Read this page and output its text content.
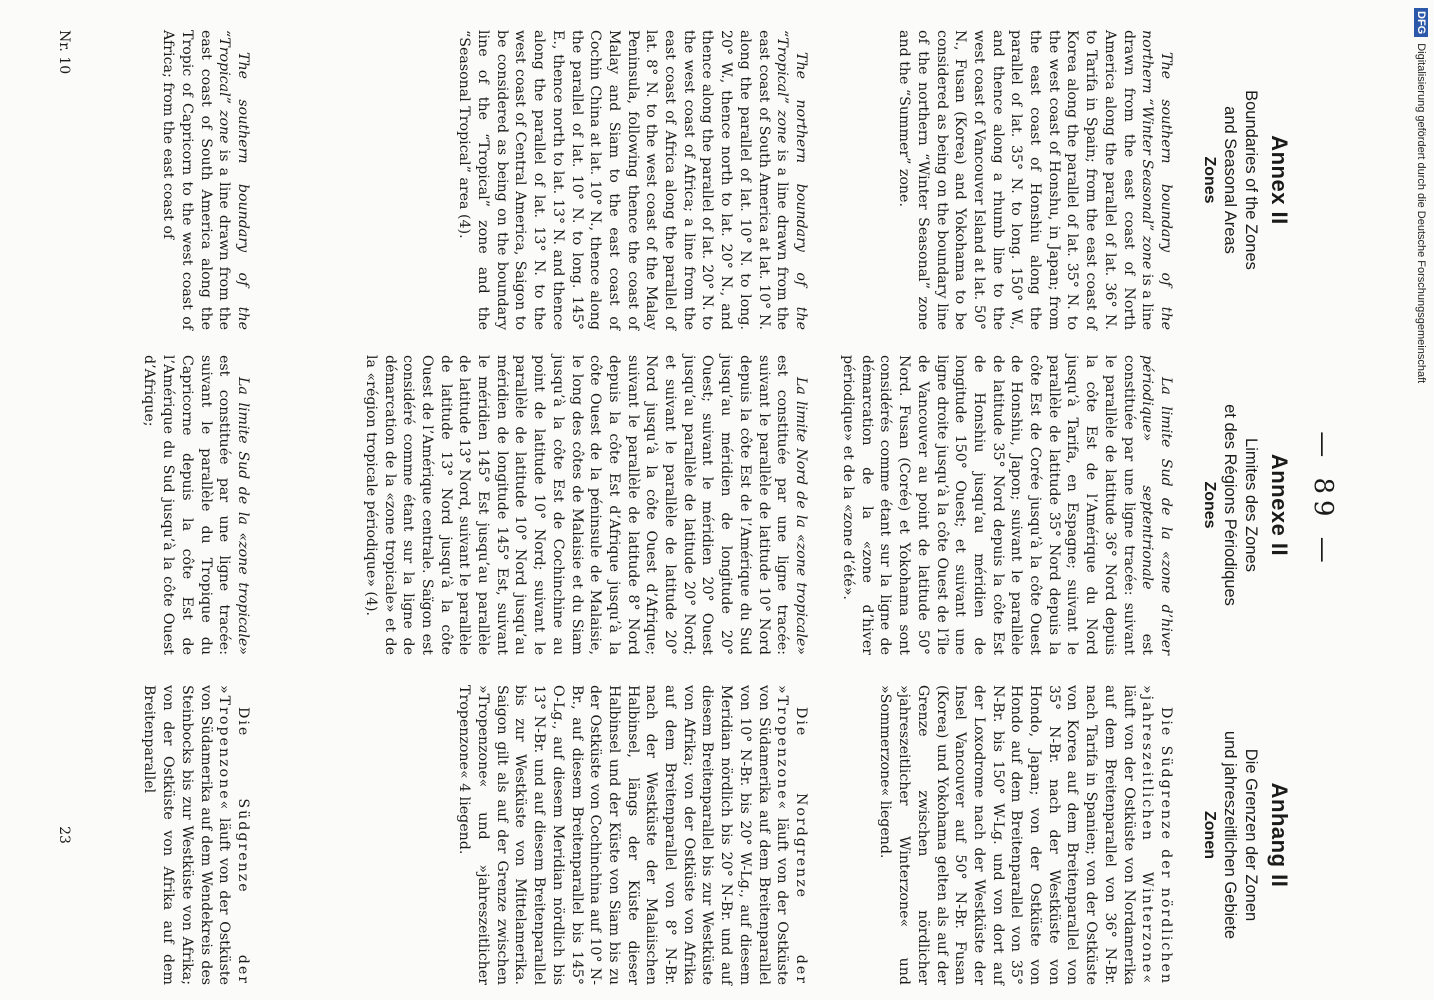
— 89 —
Annex II
Boundaries of the Zones
and Seasonal Areas
Zones

The southern boundary of the northern “Winter Seasonal” zone is a line drawn from the east coast of North America along the parallel of lat. 36° N. to Tarifa in Spain; from the east coast of Korea along the parallel of lat. 35° N. to the west coast of Honshu, in Japan; from the east coast of Honshiu along the parallel of lat. 35° N. to long. 150° W., and thence along a rhumb line to the west coast of Vancouver Island at lat. 50° N., Fusan (Korea) and Yokohama to be considered as being on the boundary line of the northern “Winter Seasonal” zone and the “Summer” zone.

The northern boundary of the “Tropical” zone is a line drawn from the east coast of South America at lat. 10° N. along the parallel of lat. 10° N. to long. 20° W., thence north to lat. 20° N., and thence along the parallel of lat. 20° N. to the west coast of Africa; a line from the east coast of Africa along the parallel of lat. 8° N. to the west coast of the Malay Peninsula, following thence the coast of Malay and Siam to the east coast of Cochin China at lat. 10° N., thence along the parallel of lat. 10° N. to long. 145° E., thence north to lat. 13° N. and thence along the parallel of lat. 13° N. to the west coast of Central America, Saigon to be considered as being on the boundary line of the “Tropical” zone and the “Seasonal Tropical” area (4).

The southern boundary of the “Tropical” zone is a line drawn from the east coast of South America along the Tropic of Capricorn to the west coast of Africa; from the east coast of

Annexe II
Limites des Zones
et des Régions Périodiques
Zones

La limite Sud de la «zone d’hiver périodique» septentrionale est constituée par une ligne tracée: suivant le parallèle de latitude 36° Nord depuis la côte Est de l’Amérique du Nord jusqu’à Tarifa, en Espagne; suivant le parallèle de latitude 35° Nord depuis la côte Est de Corée jusqu’à la côte Ouest de Honshiu, Japon; suivant le parallèle de latitude 35° Nord depuis la côte Est de Honshiu jusqu’au méridien de longitude 150° Ouest; et suivant une ligne droite jusqu’à la côte Ouest de l’île de Vancouver au point de latitude 50° Nord. Fusan (Corée) et Yokohama sont considérés comme étant sur la ligne de démarcation de la «zone d’hiver périodique» et de la «zone d’été».

La limite Nord de la «zone tropicale» est constituée par une ligne tracée: suivant le parallèle de latitude 10° Nord depuis la côte Est de l’Amérique du Sud jusqu’au méridien de longitude 20° Ouest; suivant le méridien 20° Ouest jusqu’au parallèle de latitude 20° Nord; et suivant le parallèle de latitude 20° Nord jusqu’à la côte Ouest d’Afrique; suivant le parallèle de latitude 8° Nord depuis la côte Est d’Afrique jusqu’à la côte Ouest de la péninsule de Malaisie, le long des côtes de Malaisie et du Siam jusqu’à la côte Est de Cochinchine au point de latitude 10° Nord; suivant le parallèle de latitude 10° Nord jusqu’au méridien de longitude 145° Est, suivant le méridien 145° Est jusqu’au parallèle de latitude 13° Nord, suivant le parallèle de latitude 13° Nord jusqu’à la côte Ouest de l’Amérique centrale. Saïgon est considéré comme étant sur la ligne de démarcation de la «zone tropicale» et de la «région tropicale périodique» (4).

La limite Sud de la «zone tropicale» est constituée par une ligne tracée: suivant le parallèle du Tropique du Capricorne depuis la côte Est de l’Amérique du Sud jusqu’à la côte Ouest d’Afrique;

Anhang II
Die Grenzen der Zonen
und jahreszeitlichen Gebiete
Zonen

Die Südgrenze der nördlichen »jahreszeitlichen Winterzone« läuft von der Ostküste von Nordamerika auf dem Breitenparallel von 36° N-Br. nach Tarifa in Spanien; von der Ostküste von Korea auf dem Breitenparallel von 35° N-Br. nach der Westküste von Hondo, Japan; von der Ostküste von Hondo auf dem Breitenparallel von 35° N-Br. bis 150° W-Lg. und von dort auf der Loxodrome nach der Westküste der Insel Vancouver auf 50° N-Br. Fusan (Korea) und Yokohama gelten als auf der Grenze zwischen nördlicher »jahreszeitlicher Winterzone« und »Sommerzone« liegend.

Die Nordgrenze der »Tropenzone« läuft von der Ostküste von Südamerika auf dem Breitenparallel von 10° N-Br. bis 20° W-Lg., auf diesem Meridian nördlich bis 20° N-Br. und auf diesem Breitenparallel bis zur Westküste von Afrika; von der Ostküste von Afrika auf dem Breitenparallel von 8° N-Br. nach der Westküste der Malaiischen Halbinsel, längs der Küste dieser Halbinsel und der Küste von Siam bis zu der Ostküste von Cochinchina auf 10° N-Br., auf diesem Breitenparallel bis 145° O-Lg., auf diesem Meridian nördlich bis 13° N-Br. und auf diesem Breitenparallel bis zur Westküste von Mittelamerika. Saigon gilt als auf der Grenze zwischen »Tropenzone« und »jahreszeitlicher Tropenzone« 4 liegend.

Die Südgrenze der »Tropenzone« läuft von der Ostküste von Südamerika auf dem Wendekreis des Steinbocks bis zur Westküste von Afrika; von der Ostküste von Afrika auf dem Breitenparallel

Nr. 10
23
DFGDigitalisierung gefördert durch die Deutsche Forschungsgemeinschaft
